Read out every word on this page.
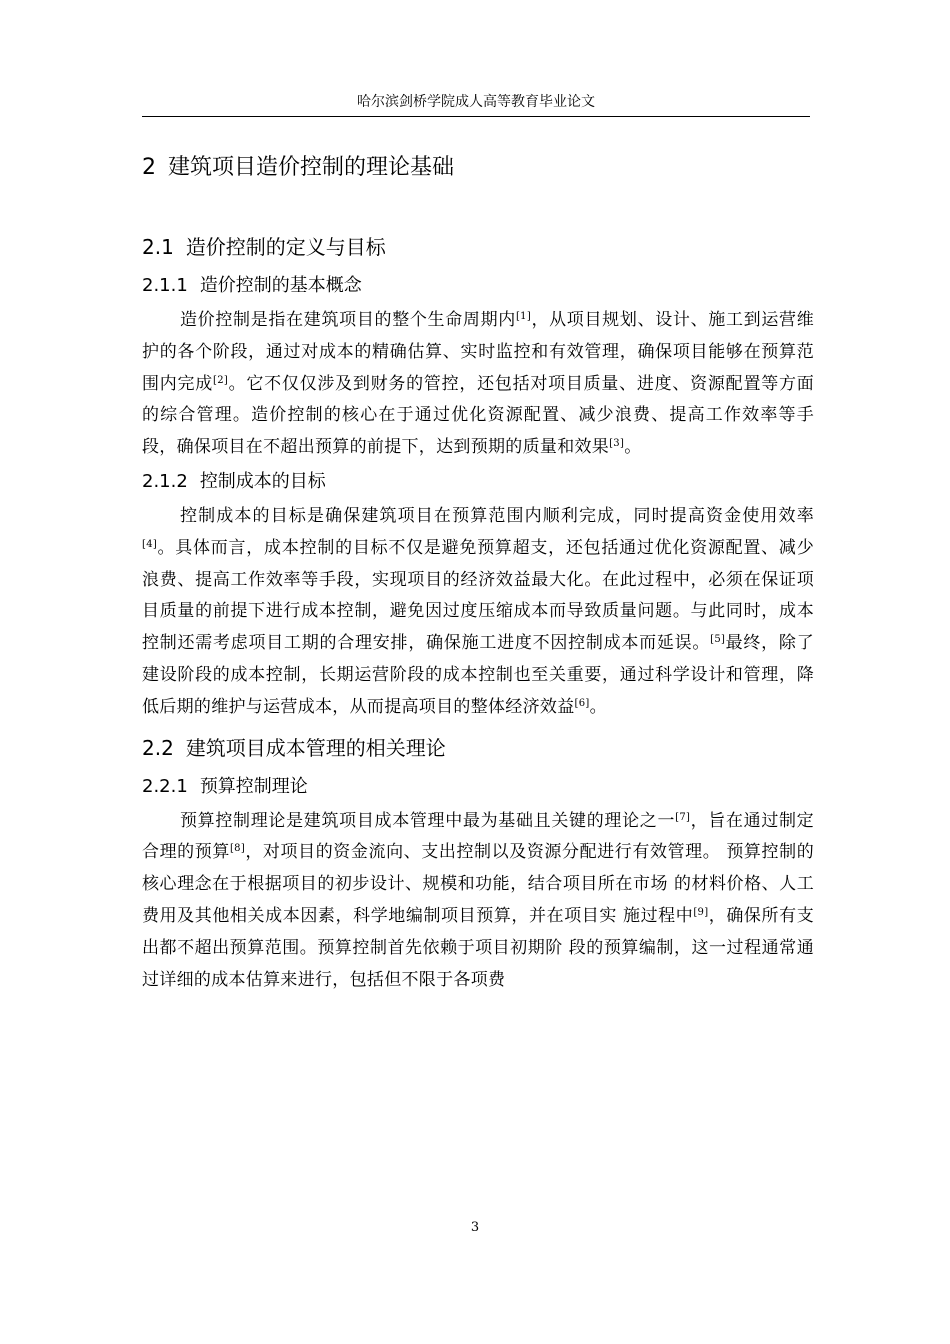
哈尔滨剑桥学院成人高等教育毕业论文
2 建筑项目造价控制的理论基础
2.1 造价控制的定义与目标
2.1.1 造价控制的基本概念

造价控制是指在建筑项目的整个生命周期内[1]，从项目规划、设计、施工到运营维护的各个阶段，通过对成本的精确估算、实时监控和有效管理，确保项目能够在预算范围内完成[2]。它不仅仅涉及到财务的管控，还包括对项目质量、进度、资源配置等方面的综合管理。造价控制的核心在于通过优化资源配置、减少浪费、提高工作效率等手段，确保项目在不超出预算的前提下，达到预期的质量和效果[3]。

2.1.2 控制成本的目标

控制成本的目标是确保建筑项目在预算范围内顺利完成，同时提高资金使用效率[4]。具体而言，成本控制的目标不仅是避免预算超支，还包括通过优化资源配置、减少浪费、提高工作效率等手段，实现项目的经济效益最大化。在此过程中，必须在保证项目质量的前提下进行成本控制，避免因过度压缩成本而导致质量问题。与此同时，成本控制还需考虑项目工期的合理安排，确保施工进度不因控制成本而延误。[5]最终，除了建设阶段的成本控制，长期运营阶段的成本控制也至关重要，通过科学设计和管理，降低后期的维护与运营成本，从而提高项目的整体经济效益[6]。

2.2 建筑项目成本管理的相关理论
2.2.1 预算控制理论

预算控制理论是建筑项目成本管理中最为基础且关键的理论之一[7]，旨在通过制定合理的预算[8]，对项目的资金流向、支出控制以及资源分配进行有效管理。 预算控制的核心理念在于根据项目的初步设计、规模和功能，结合项目所在市场 的材料价格、人工费用及其他相关成本因素，科学地编制项目预算，并在项目实 施过程中[9]，确保所有支出都不超出预算范围。预算控制首先依赖于项目初期阶 段的预算编制，这一过程通常通过详细的成本估算来进行，包括但不限于各项费

3
